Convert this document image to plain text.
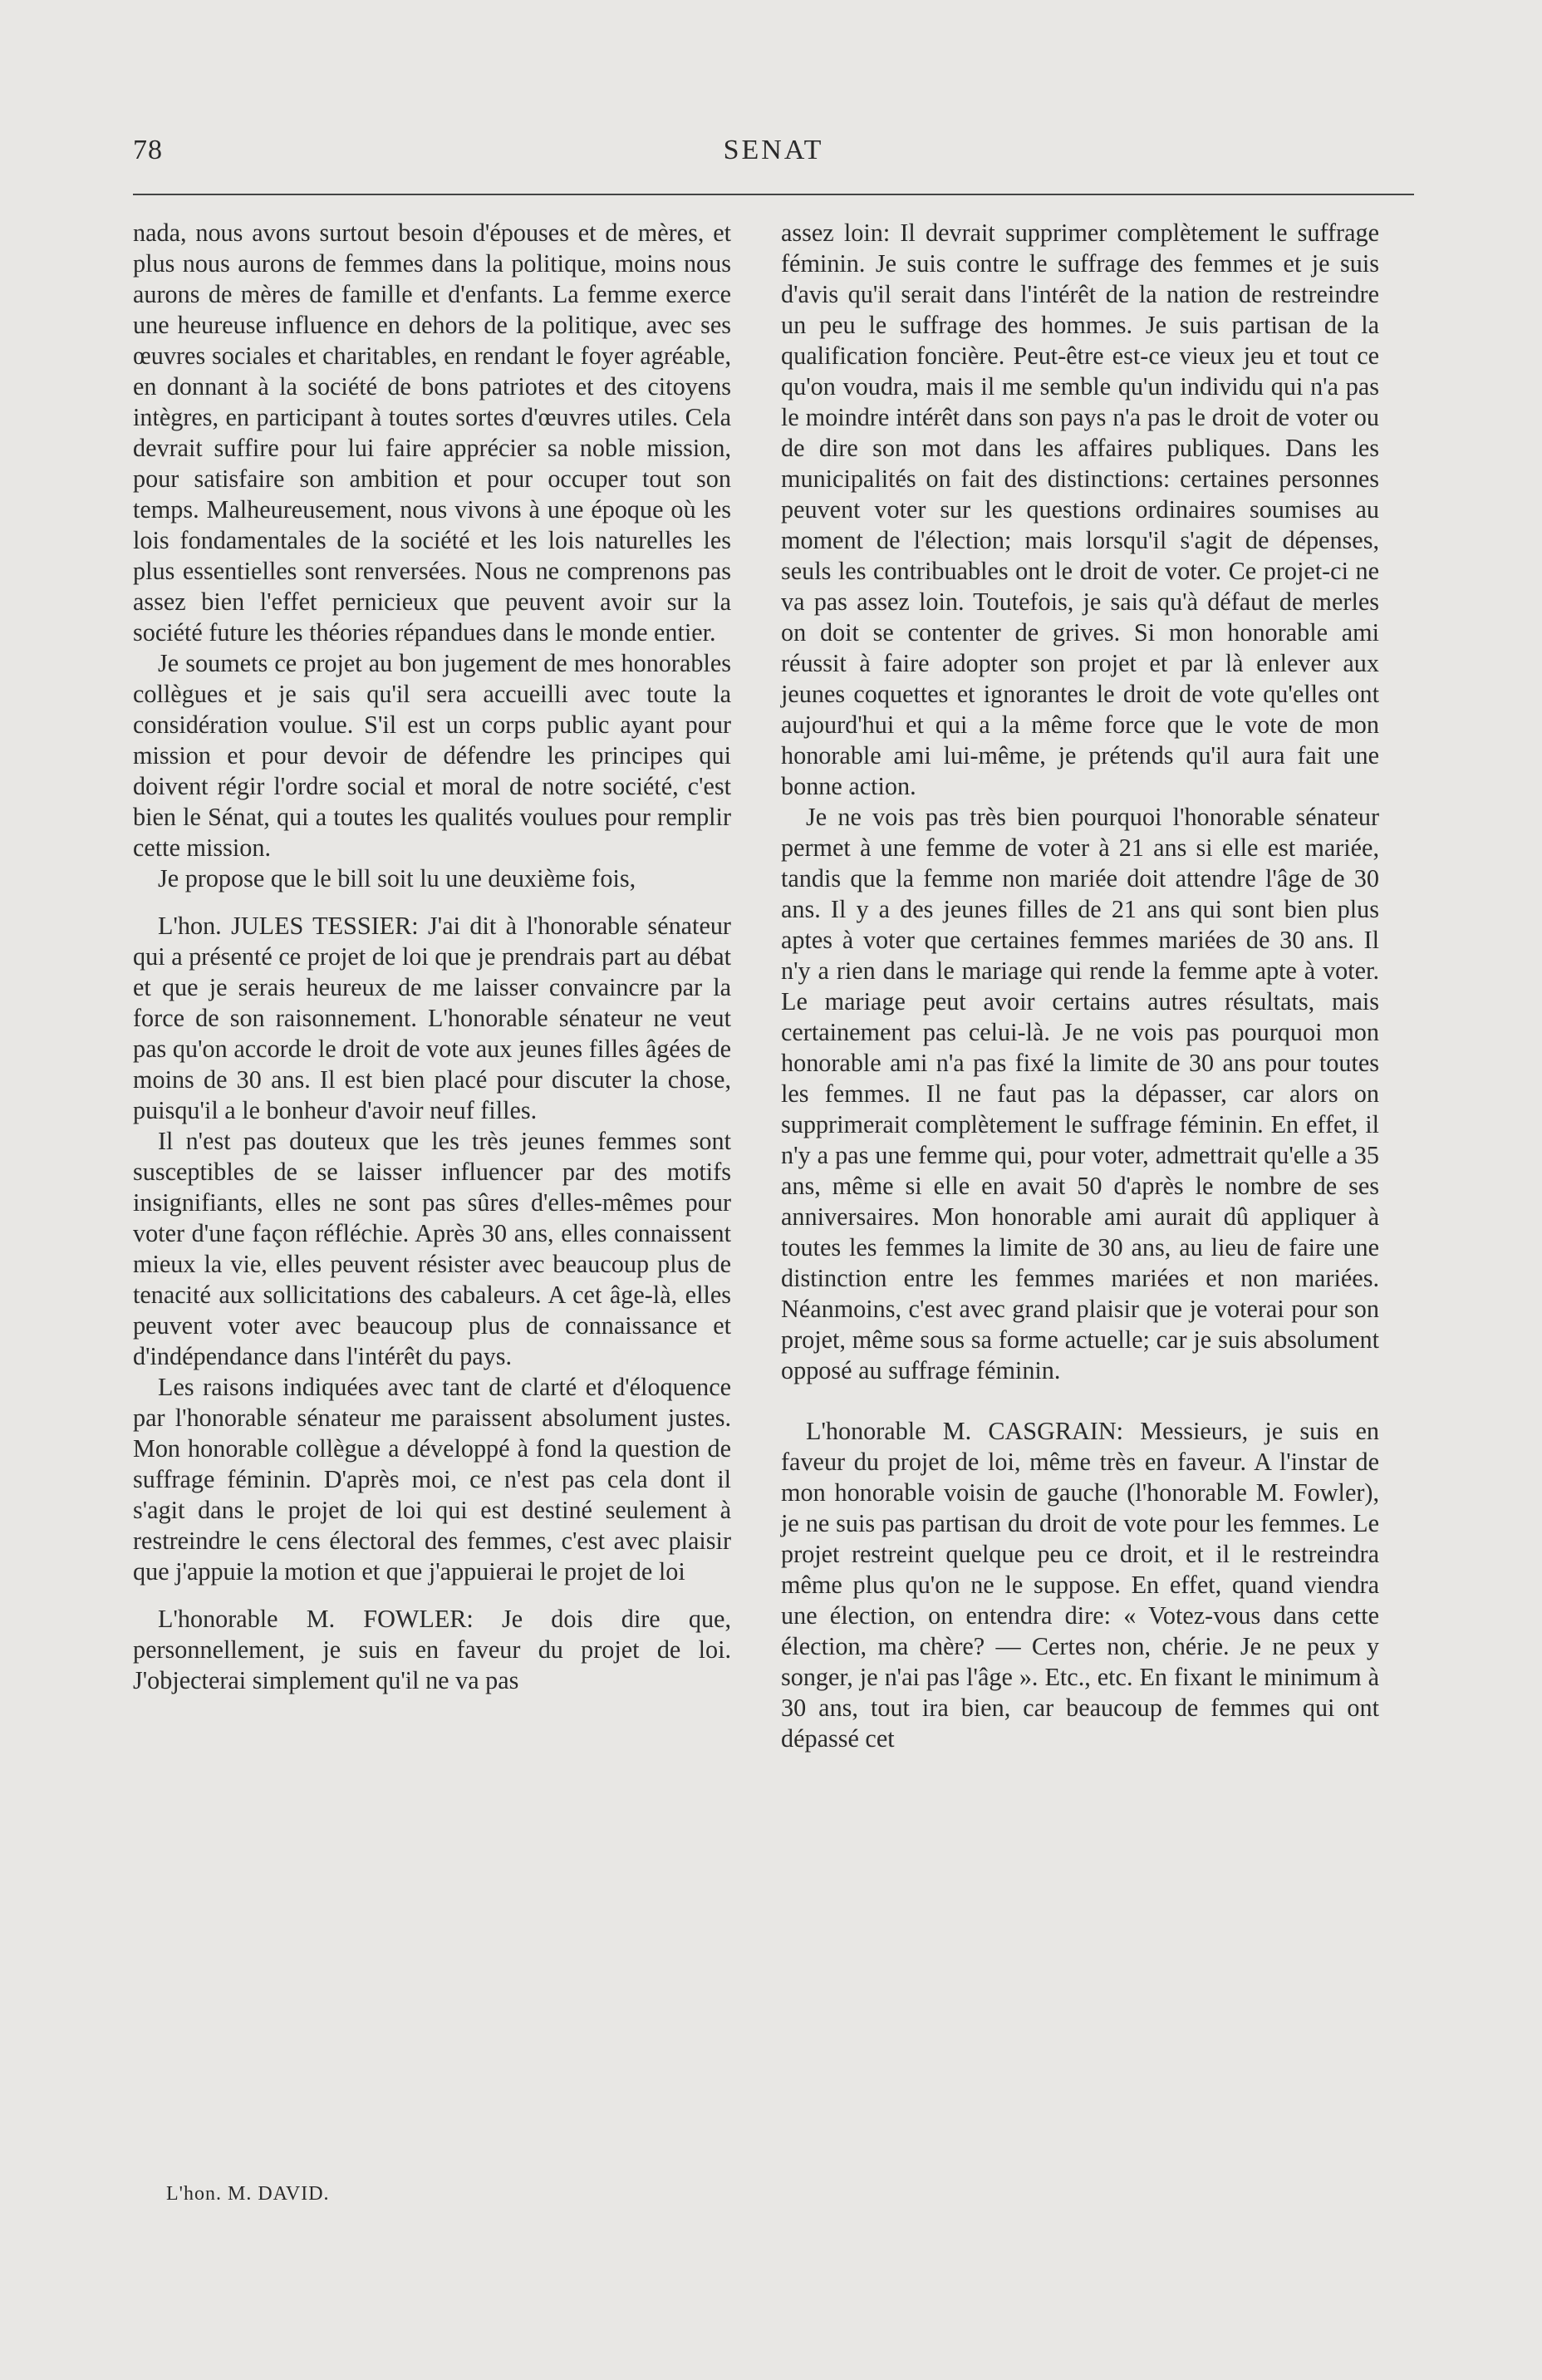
78	SENAT

nada, nous avons surtout besoin d'épouses et de mères, et plus nous aurons de femmes dans la politique, moins nous aurons de mères de famille et d'enfants. La femme exerce une heureuse influence en dehors de la politique, avec ses œuvres sociales et charitables, en rendant le foyer agréable, en donnant à la société de bons patriotes et des citoyens intègres, en participant à toutes sortes d'œuvres utiles. Cela devrait suffire pour lui faire apprécier sa noble mission, pour satisfaire son ambition et pour occuper tout son temps. Malheureusement, nous vivons à une époque où les lois fondamentales de la société et les lois naturelles les plus essentielles sont renversées. Nous ne comprenons pas assez bien l'effet pernicieux que peuvent avoir sur la société future les théories répandues dans le monde entier.

Je soumets ce projet au bon jugement de mes honorables collègues et je sais qu'il sera accueilli avec toute la considération voulue. S'il est un corps public ayant pour mission et pour devoir de défendre les principes qui doivent régir l'ordre social et moral de notre société, c'est bien le Sénat, qui a toutes les qualités voulues pour remplir cette mission.

Je propose que le bill soit lu une deuxième fois,

L'hon. JULES TESSIER: J'ai dit à l'honorable sénateur qui a présenté ce projet de loi que je prendrais part au débat et que je serais heureux de me laisser convaincre par la force de son raisonnement. L'honorable sénateur ne veut pas qu'on accorde le droit de vote aux jeunes filles âgées de moins de 30 ans. Il est bien placé pour discuter la chose, puisqu'il a le bonheur d'avoir neuf filles.

Il n'est pas douteux que les très jeunes femmes sont susceptibles de se laisser influencer par des motifs insignifiants, elles ne sont pas sûres d'elles-mêmes pour voter d'une façon réfléchie. Après 30 ans, elles connaissent mieux la vie, elles peuvent résister avec beaucoup plus de tenacité aux sollicitations des cabaleurs. A cet âge-là, elles peuvent voter avec beaucoup plus de connaissance et d'indépendance dans l'intérêt du pays.

Les raisons indiquées avec tant de clarté et d'éloquence par l'honorable sénateur me paraissent absolument justes. Mon honorable collègue a développé à fond la question de suffrage féminin. D'après moi, ce n'est pas cela dont il s'agit dans le projet de loi qui est destiné seulement à restreindre le cens électoral des femmes, c'est avec plaisir que j'appuie la motion et que j'appuierai le projet de loi

L'honorable M. FOWLER: Je dois dire que, personnellement, je suis en faveur du projet de loi. J'objecterai simplement qu'il ne va pas

assez loin: Il devrait supprimer complètement le suffrage féminin. Je suis contre le suffrage des femmes et je suis d'avis qu'il serait dans l'intérêt de la nation de restreindre un peu le suffrage des hommes. Je suis partisan de la qualification foncière. Peut-être est-ce vieux jeu et tout ce qu'on voudra, mais il me semble qu'un individu qui n'a pas le moindre intérêt dans son pays n'a pas le droit de voter ou de dire son mot dans les affaires publiques. Dans les municipalités on fait des distinctions: certaines personnes peuvent voter sur les questions ordinaires soumises au moment de l'élection; mais lorsqu'il s'agit de dépenses, seuls les contribuables ont le droit de voter. Ce projet-ci ne va pas assez loin. Toutefois, je sais qu'à défaut de merles on doit se contenter de grives. Si mon honorable ami réussit à faire adopter son projet et par là enlever aux jeunes coquettes et ignorantes le droit de vote qu'elles ont aujourd'hui et qui a la même force que le vote de mon honorable ami lui-même, je prétends qu'il aura fait une bonne action.

Je ne vois pas très bien pourquoi l'honorable sénateur permet à une femme de voter à 21 ans si elle est mariée, tandis que la femme non mariée doit attendre l'âge de 30 ans. Il y a des jeunes filles de 21 ans qui sont bien plus aptes à voter que certaines femmes mariées de 30 ans. Il n'y a rien dans le mariage qui rende la femme apte à voter. Le mariage peut avoir certains autres résultats, mais certainement pas celui-là. Je ne vois pas pourquoi mon honorable ami n'a pas fixé la limite de 30 ans pour toutes les femmes. Il ne faut pas la dépasser, car alors on supprimerait complètement le suffrage féminin. En effet, il n'y a pas une femme qui, pour voter, admettrait qu'elle a 35 ans, même si elle en avait 50 d'après le nombre de ses anniversaires. Mon honorable ami aurait dû appliquer à toutes les femmes la limite de 30 ans, au lieu de faire une distinction entre les femmes mariées et non mariées. Néanmoins, c'est avec grand plaisir que je voterai pour son projet, même sous sa forme actuelle; car je suis absolument opposé au suffrage féminin.

L'honorable M. CASGRAIN: Messieurs, je suis en faveur du projet de loi, même très en faveur. A l'instar de mon honorable voisin de gauche (l'honorable M. Fowler), je ne suis pas partisan du droit de vote pour les femmes. Le projet restreint quelque peu ce droit, et il le restreindra même plus qu'on ne le suppose. En effet, quand viendra une élection, on entendra dire: « Votez-vous dans cette élection, ma chère? — Certes non, chérie. Je ne peux y songer, je n'ai pas l'âge ». Etc., etc. En fixant le minimum à 30 ans, tout ira bien, car beaucoup de femmes qui ont dépassé cet

L'hon. M. DAVID.
